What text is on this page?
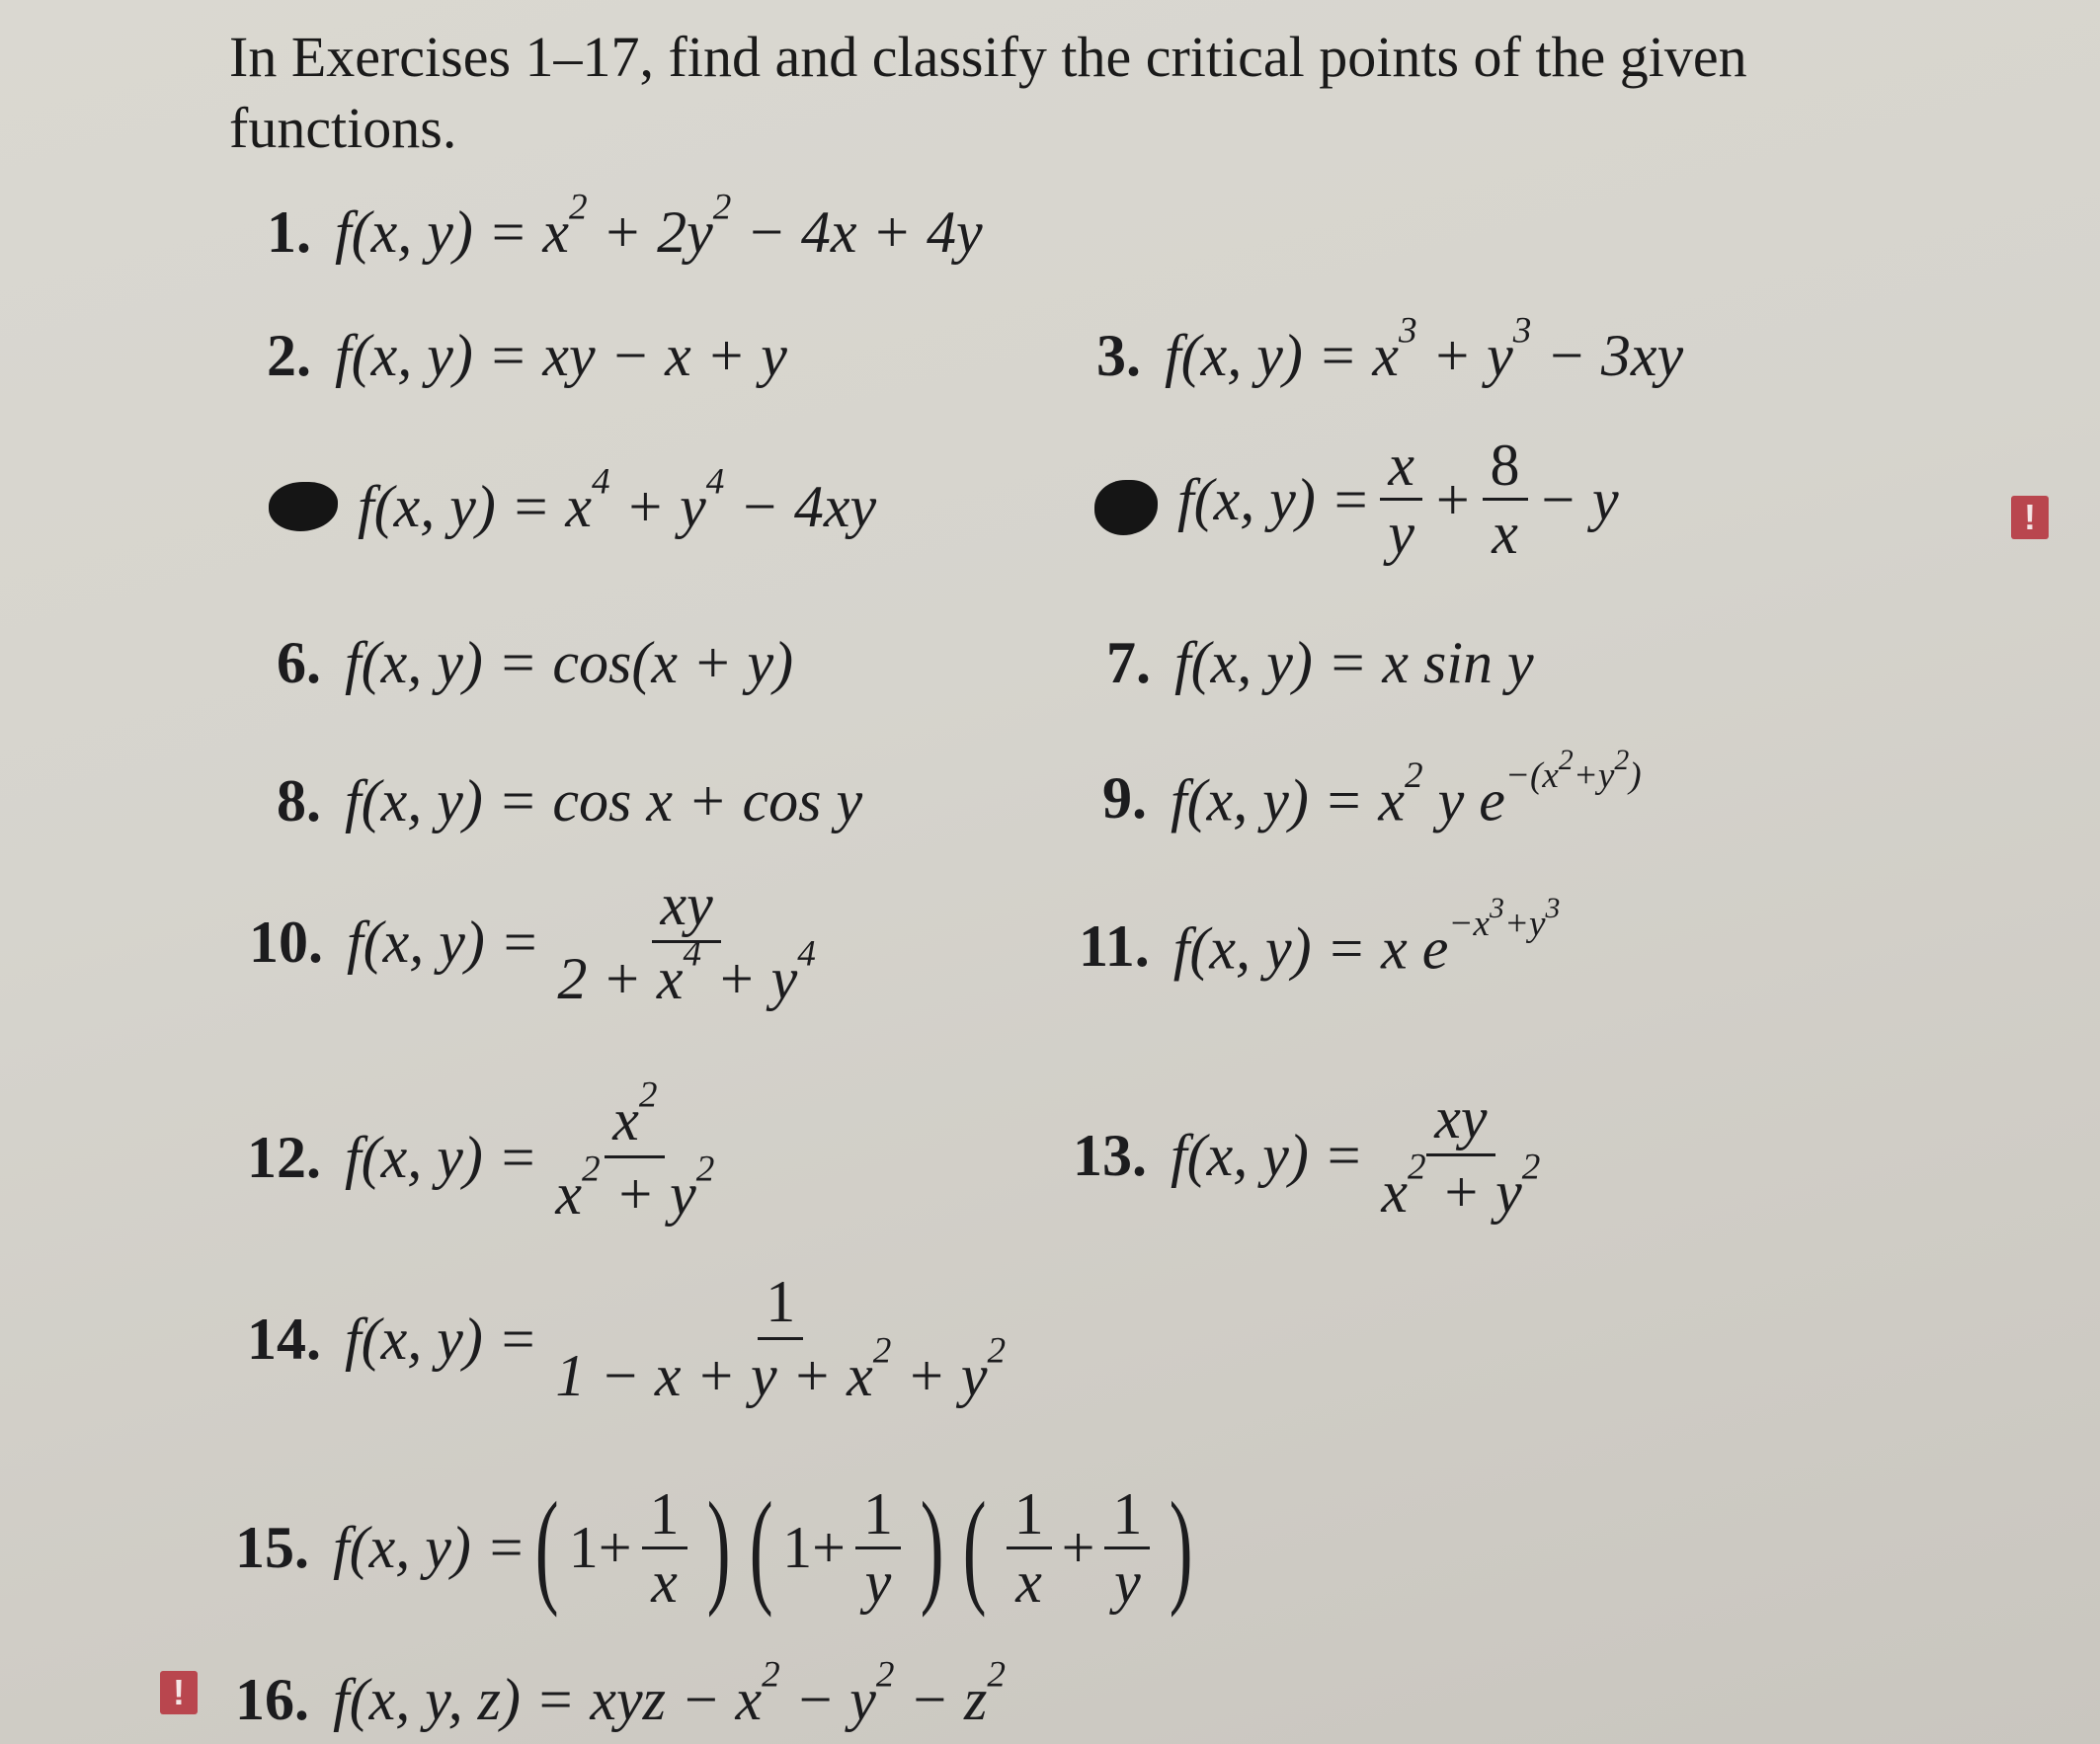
In Exercises 1–17, find and classify the critical points of the given functions.
1. f(x, $y) = x^2 + 2y^2 - 4x + 4y$
2. f(x, y) = xy − x + y	3. f(x, $y) = x^3 + y^3 - 3xy$
f(x, $y) = x^4 + y^4 - 4xy$	f(x, $y) = \frac{x}{y} + \frac{8}{x} - y$	!
6. f(x, y) = cos(x + y)	7. f(x, y) = x sin y
8. f(x, y) = cos x + cos y	9. f(x, $y) = x^2$ y $e^{-(x^2+y^2)}$
10. f(x, $y) = \frac{xy}{2 + x^4 + y^4}$	11. f(x, y) = x $e^{-x^3+y^3}$
12. f(x, $y) = \frac{x^2}{x^2 + y^2}$	13. f(x, $y) = \frac{xy}{x^2 + y^2}$
14. f(x, $y) = \frac{1}{1 - x + y + x^2 + y^2}$
15. f(x, y) = ( $1 + \frac{1}{x}$ ) ( $1 + \frac{1}{y}$ ) ( $\frac{1}{x} + \frac{1}{y}$ )
! 16. f(x, y, z) = xyz − $x^2 - y^2 - z^2$
